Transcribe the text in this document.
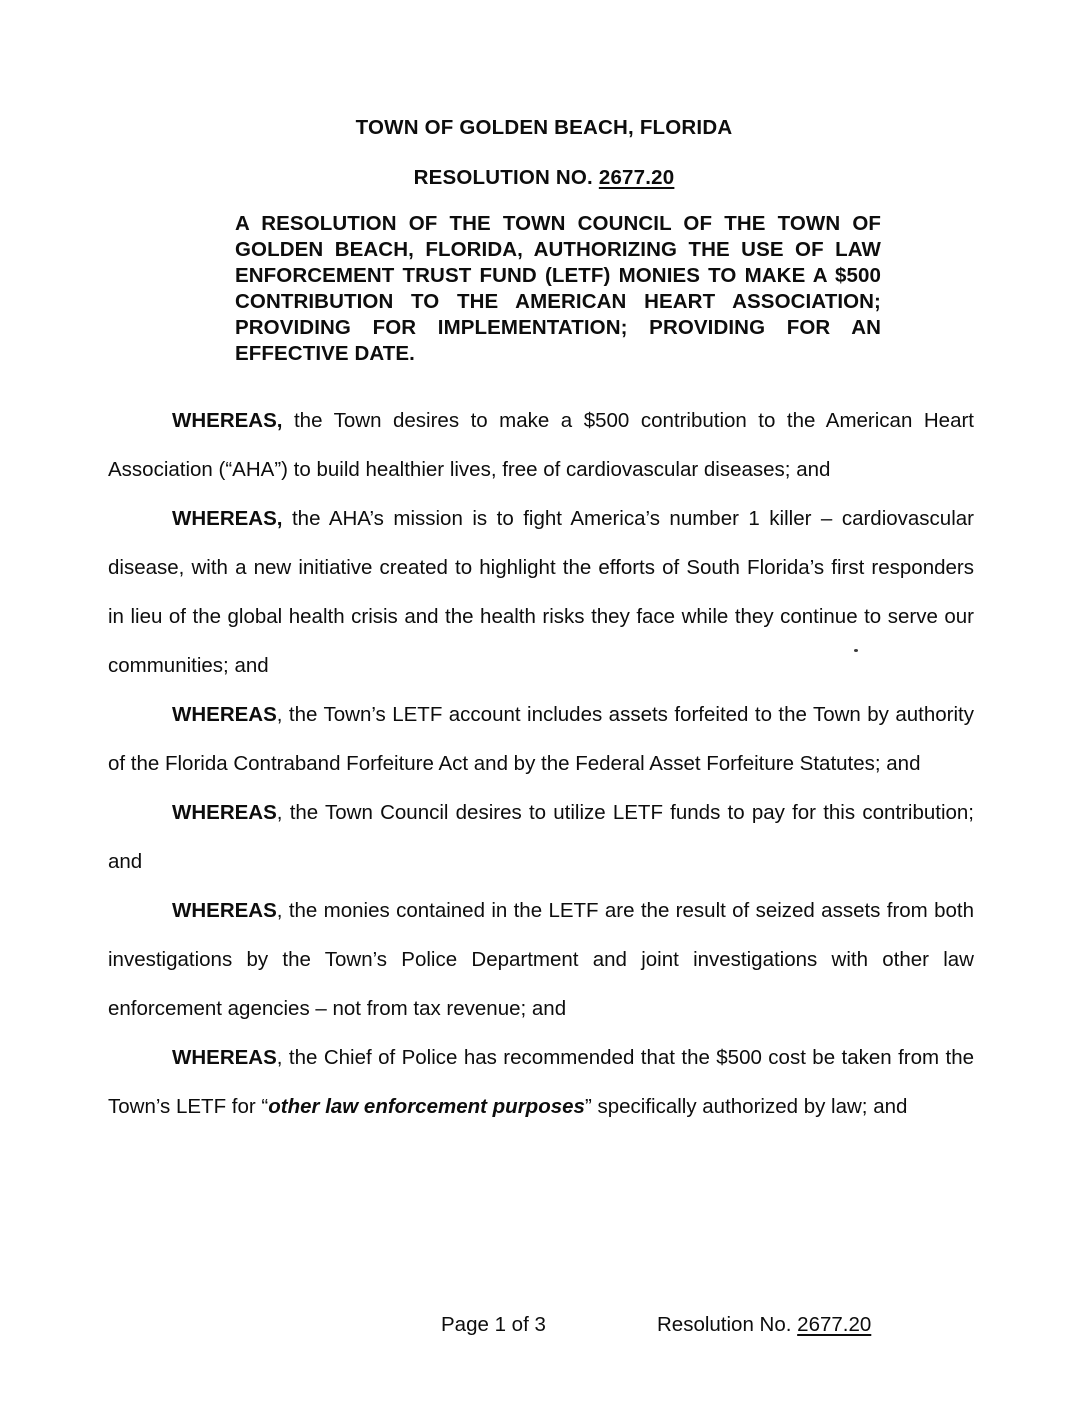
TOWN OF GOLDEN BEACH, FLORIDA
RESOLUTION NO. 2677.20

A RESOLUTION OF THE TOWN COUNCIL OF THE TOWN OF GOLDEN BEACH, FLORIDA, AUTHORIZING THE USE OF LAW ENFORCEMENT TRUST FUND (LETF) MONIES TO MAKE A $500 CONTRIBUTION TO THE AMERICAN HEART ASSOCIATION; PROVIDING FOR IMPLEMENTATION; PROVIDING FOR AN EFFECTIVE DATE.

WHEREAS, the Town desires to make a $500 contribution to the American Heart Association (“AHA”) to build healthier lives, free of cardiovascular diseases; and

WHEREAS, the AHA’s mission is to fight America’s number 1 killer – cardiovascular disease, with a new initiative created to highlight the efforts of South Florida’s first responders in lieu of the global health crisis and the health risks they face while they continue to serve our communities; and

WHEREAS, the Town’s LETF account includes assets forfeited to the Town by authority of the Florida Contraband Forfeiture Act and by the Federal Asset Forfeiture Statutes; and

WHEREAS, the Town Council desires to utilize LETF funds to pay for this contribution; and

WHEREAS, the monies contained in the LETF are the result of seized assets from both investigations by the Town’s Police Department and joint investigations with other law enforcement agencies – not from tax revenue; and

WHEREAS, the Chief of Police has recommended that the $500 cost be taken from the Town’s LETF for “other law enforcement purposes” specifically authorized by law; and

Page 1 of 3	Resolution No. 2677.20
